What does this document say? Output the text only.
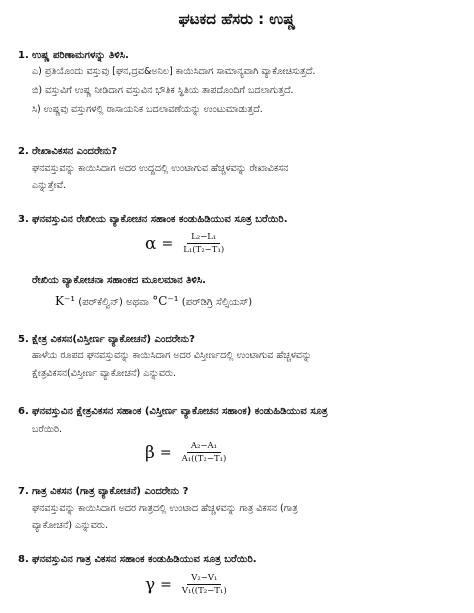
ಘಟಕದ ಹೆಸರು : ಉಷ್ಣ
1. ಉಷ್ಣ ಪರಿಣಾಮಗಳನ್ನು ತಿಳಿಸಿ.
ಎ) ಪ್ರತಿಯೊಂದು ವಸ್ತುವು [ಘನ,ದ್ರವ&ಅನಿಲ] ಕಾಯಿಸಿದಾಗ ಸಾಮಾನ್ಯವಾಗಿ ವ್ಯಾಕೋಚಿಸುತ್ತದೆ.
ಬಿ) ವಸ್ತುವಿಗೆ ಉಷ್ಣ ನೀಡಿದಾಗ ವಸ್ತುವಿನ ಭೌತಿಕ ಸ್ಥಿತಿಯ ತಾಪದೊಂದಿಗೆ ಬದಲಾಗುತ್ತದೆ.
ಸಿ) ಉಷ್ಣವು ವಸ್ತುಗಳಲ್ಲಿ ರಾಸಾಯನಿಕ ಬದಲಾವಣೆಯನ್ನು ಉಂಟುಮಾಡುತ್ತದೆ.
2. ರೇಖಾವಿಕಸನ ಎಂದರೇನು?
ಘನವಸ್ತುವನ್ನು ಕಾಯಿಸಿದಾಗ ಅದರ ಉದ್ದದಲ್ಲಿ ಉಂಟಾಗುವ ಹೆಚ್ಚಳವನ್ನು ರೇಖಾವಿಕಸನ
ಎನ್ನುತ್ತೇವೆ.
3. ಘನವಸ್ತುವಿನ ರೇಖೀಯ ವ್ಯಾಕೋಚನ ಸಹಾಂಕ ಕಂಡುಹಿಡಿಯುವ ಸೂತ್ರ ಬರೆಯಿರಿ.
$\alpha = \frac{\text{L₂−L₁}}{\text{L₁(T₂−T₁)}}$
ರೇಖಿಯ ವ್ಯಾಕೋಚನಾ ಸಹಾಂಕದ ಮೂಲಮಾನ ತಿಳಿಸಿ.
K⁻¹ (ಪರ್‌ಕೆಲ್ವಿನ್) ಅಥವಾ °C⁻¹ (ಪರ್‌ಡಿಗ್ರಿ ಸೆಲ್ಸಿಯಸ್)
5. ಕ್ಷೇತ್ರ ವಿಕಸನ(ವಿಸ್ತೀರ್ಣ ವ್ಯಾಕೋಚನೆ) ಎಂದರೇನು?
ಹಾಳೆಯ ರೂಪದ ಘನವಸ್ತುವನ್ನು ಕಾಯಿಸಿದಾಗ ಅದರ ವಿಸ್ತೀರ್ಣದಲ್ಲಿ ಉಂಟಾಗುವ ಹೆಚ್ಚಳವನ್ನು
ಕ್ಷೇತ್ರವಿಕಸನ(ವಿಸ್ತೀರ್ಣ ವ್ಯಾಕೋಚನೆ) ಎನ್ನುವರು.
6. ಘನವಸ್ತುವಿನ ಕ್ಷೇತ್ರವಿಕಸನ ಸಹಾಂಕ (ವಿಸ್ತೀರ್ಣ ವ್ಯಾಕೋಚನ ಸಹಾಂಕ) ಕಂಡುಹಿಡಿಯುವ ಸೂತ್ರ
ಬರೆಯಿರಿ.
$\beta = \frac{\text{A₂−A₁}}{\text{A₁((T₂−T₁)}}$
7. ಗಾತ್ರ ವಿಕಸನ (ಗಾತ್ರ ವ್ಯಾಕೋಚನೆ) ಎಂದರೇನು ?
ಘನವಸ್ತುವನ್ನು ಕಾಯಿಸಿದಾಗ ಅದರ ಗಾತ್ರದಲ್ಲಿ ಉಂಟಾದ ಹೆಚ್ಚಳವನ್ನು ಗಾತ್ರ ವಿಕಸನ (ಗಾತ್ರ
ವ್ಯಾಕೋಚನೆ) ಎನ್ನುವರು.
8. ಘನವಸ್ತುವಿನ ಗಾತ್ರ ವಿಕಸನ ಸಹಾಂಕ ಕಂಡುಹಿಡಿಯುವ ಸೂತ್ರ ಬರೆಯಿರಿ.
$\gamma = \frac{\text{V₂−V₁}}{\text{V₁((T₂−T₁)}}$
